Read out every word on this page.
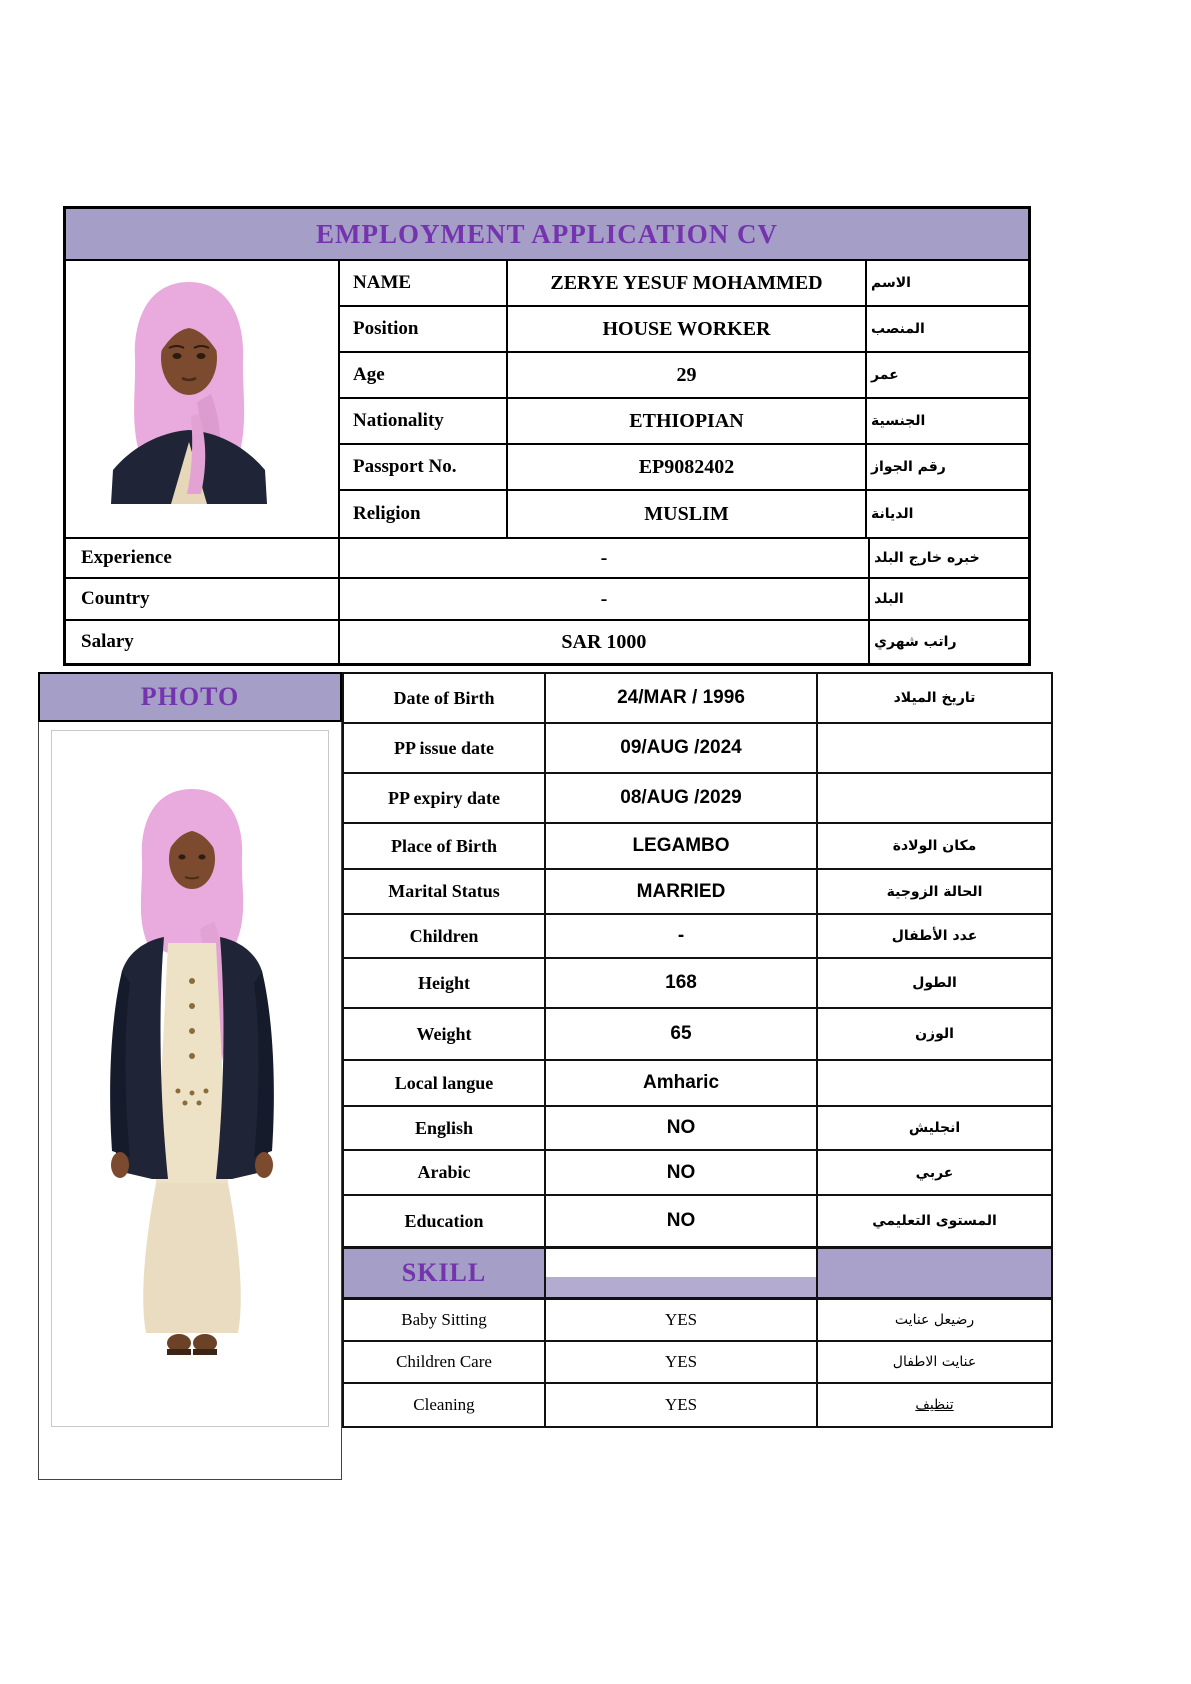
EMPLOYMENT APPLICATION CV
NAME	ZERYE YESUF MOHAMMED	الاسم
Position	HOUSE WORKER	المنصب
Age	29	عمر
Nationality	ETHIOPIAN	الجنسية
Passport No.	EP9082402	رقم الجواز
Religion	MUSLIM	الديانة
Experience	-	خبره خارج البلد
Country	-	البلد
Salary	SAR 1000	راتب شهري
PHOTO	Date of Birth	24/MAR / 1996	تاريخ الميلاد
PP issue date	09/AUG /2024
PP expiry date	08/AUG /2029
Place of Birth	LEGAMBO	مكان الولادة
Marital Status	MARRIED	الحالة الزوجية
Children	-	عدد الأطفال
Height	168	الطول
Weight	65	الوزن
Local langue	Amharic
English	NO	انجليش
Arabic	NO	عربي
Education	NO	المستوى التعليمي
SKILL
Baby Sitting	YES	رضيعل عنايت
Children Care	YES	عنايت الاطفال
Cleaning	YES	تنظيف
